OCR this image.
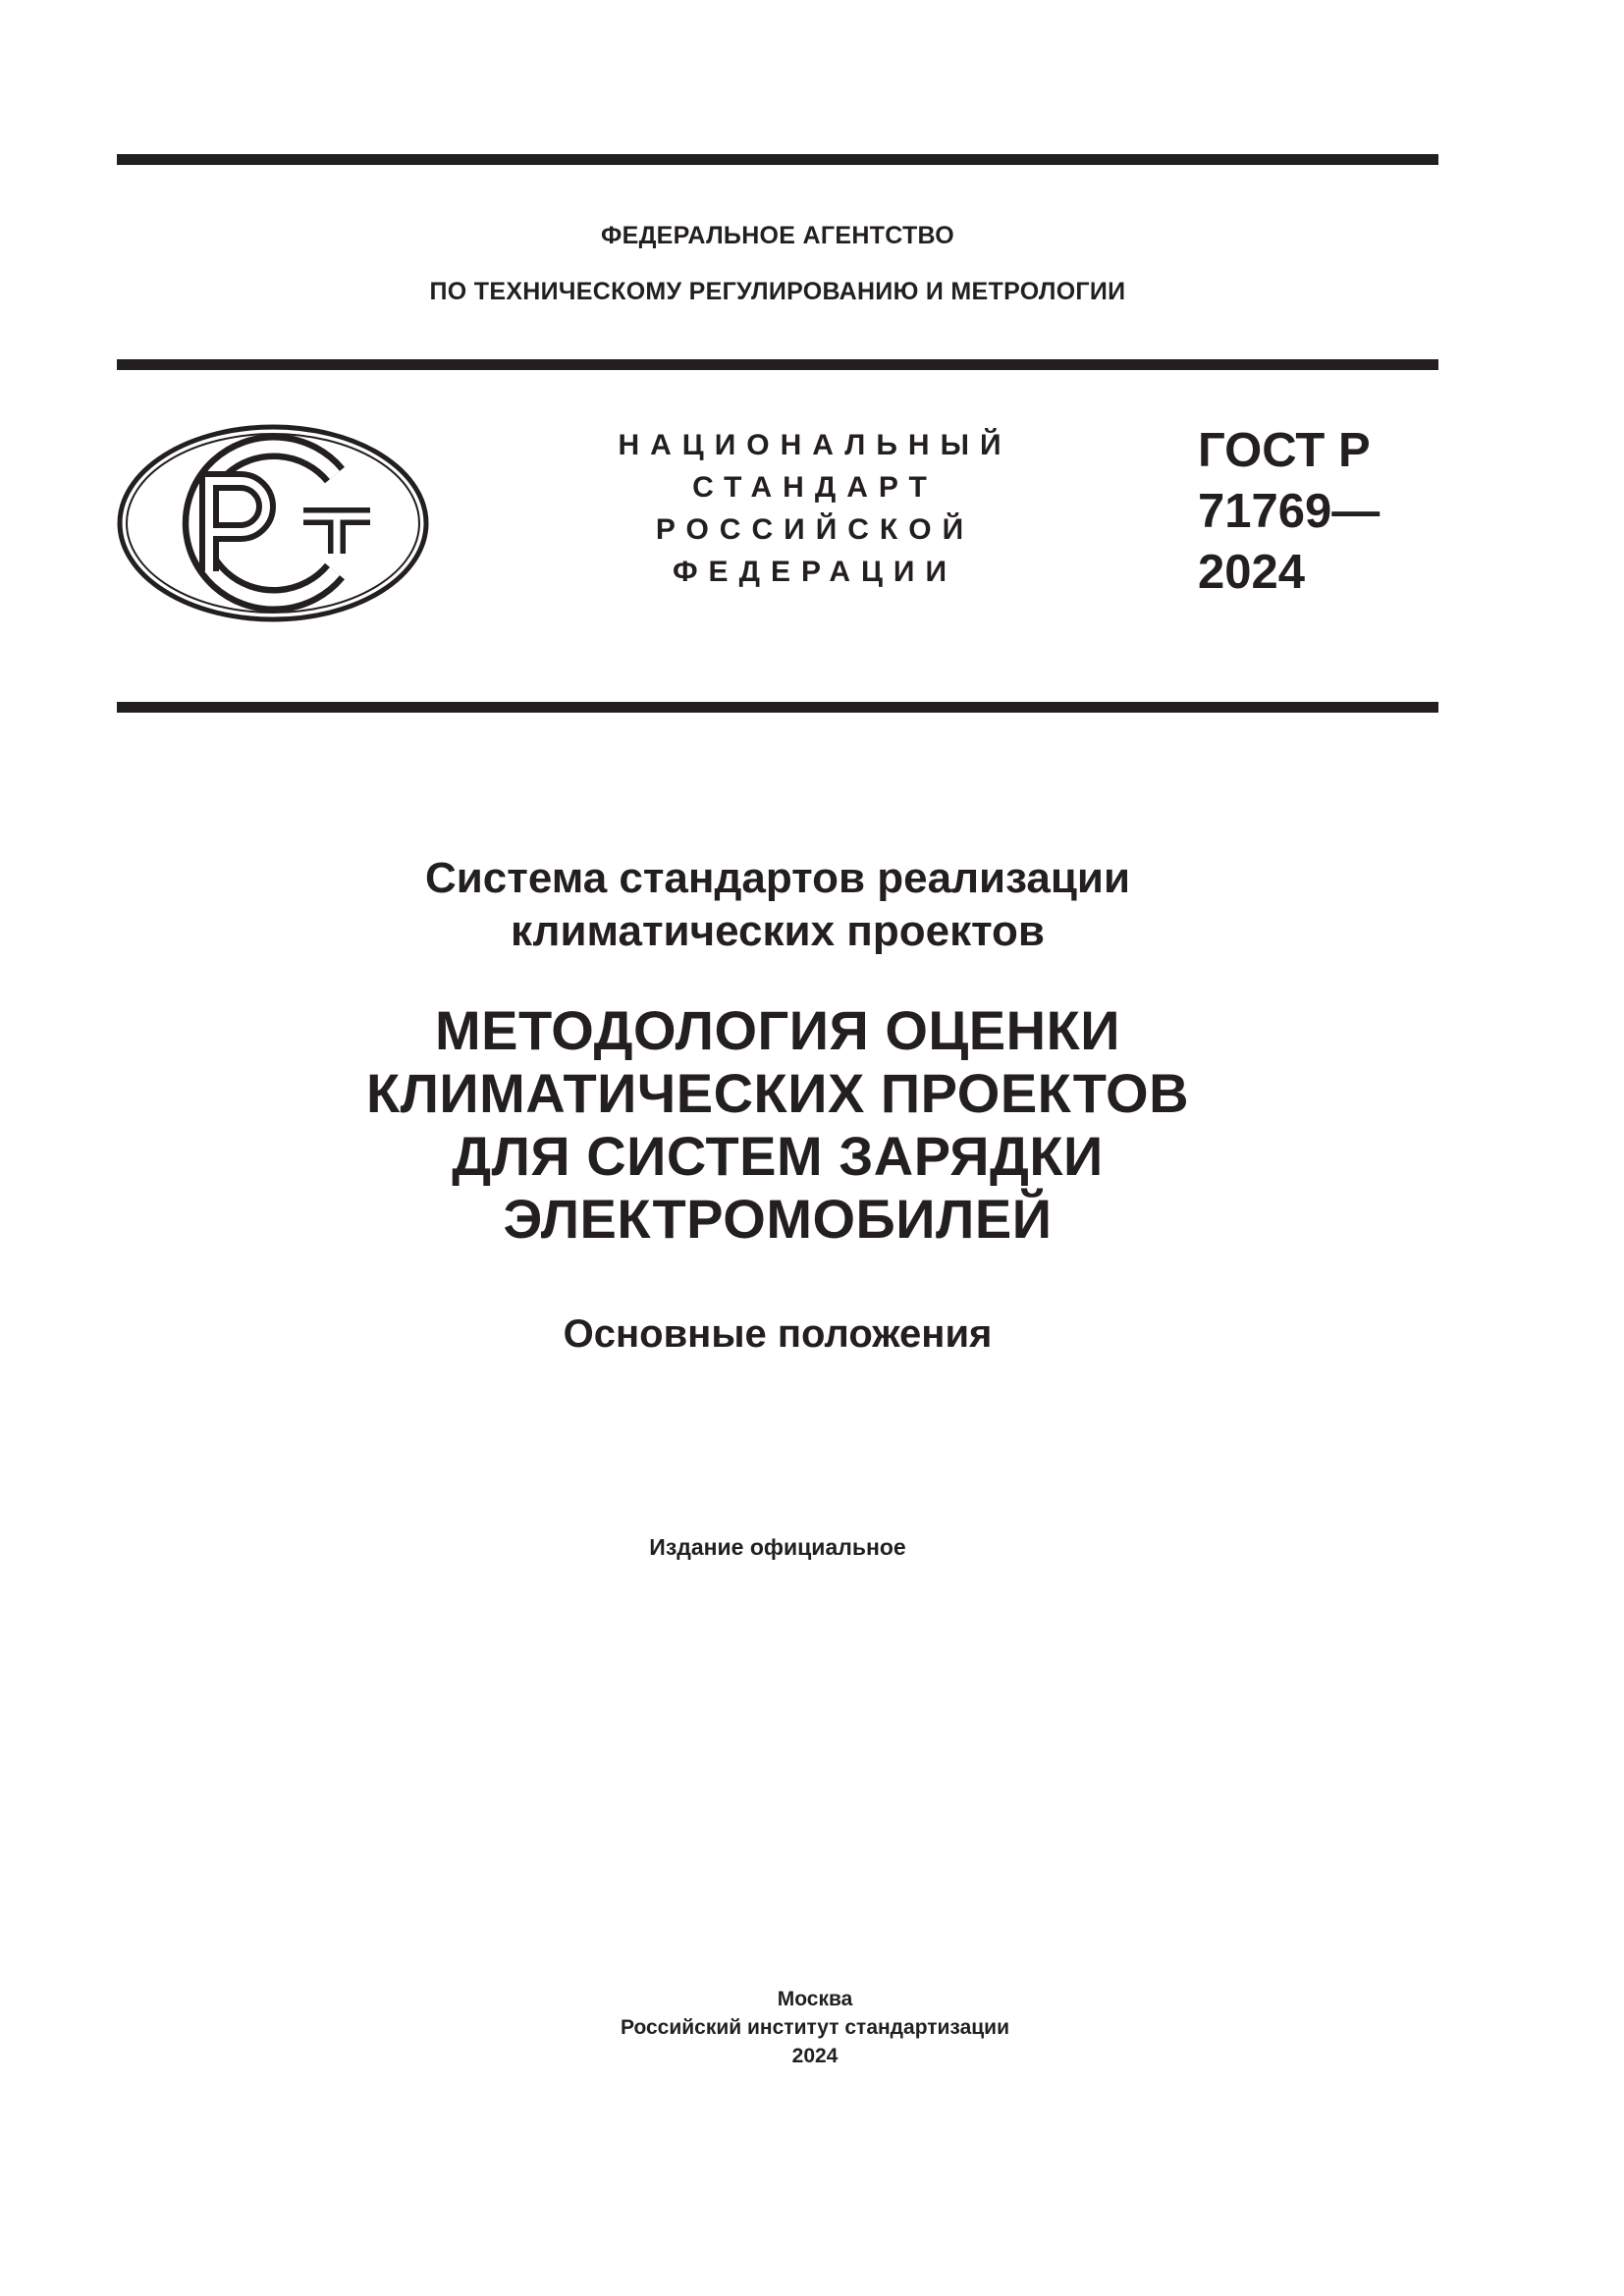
ФЕДЕРАЛЬНОЕ АГЕНТСТВО
ПО ТЕХНИЧЕСКОМУ РЕГУЛИРОВАНИЮ И МЕТРОЛОГИИ
НАЦИОНАЛЬНЫЙ
СТАНДАРТ
РОССИЙСКОЙ
ФЕДЕРАЦИИ
ГОСТ Р
71769—
2024
Система стандартов реализации
климатических проектов
МЕТОДОЛОГИЯ ОЦЕНКИ
КЛИМАТИЧЕСКИХ ПРОЕКТОВ
ДЛЯ СИСТЕМ ЗАРЯДКИ
ЭЛЕКТРОМОБИЛЕЙ
Основные положения
Издание официальное
Москва
Российский институт стандартизации
2024
